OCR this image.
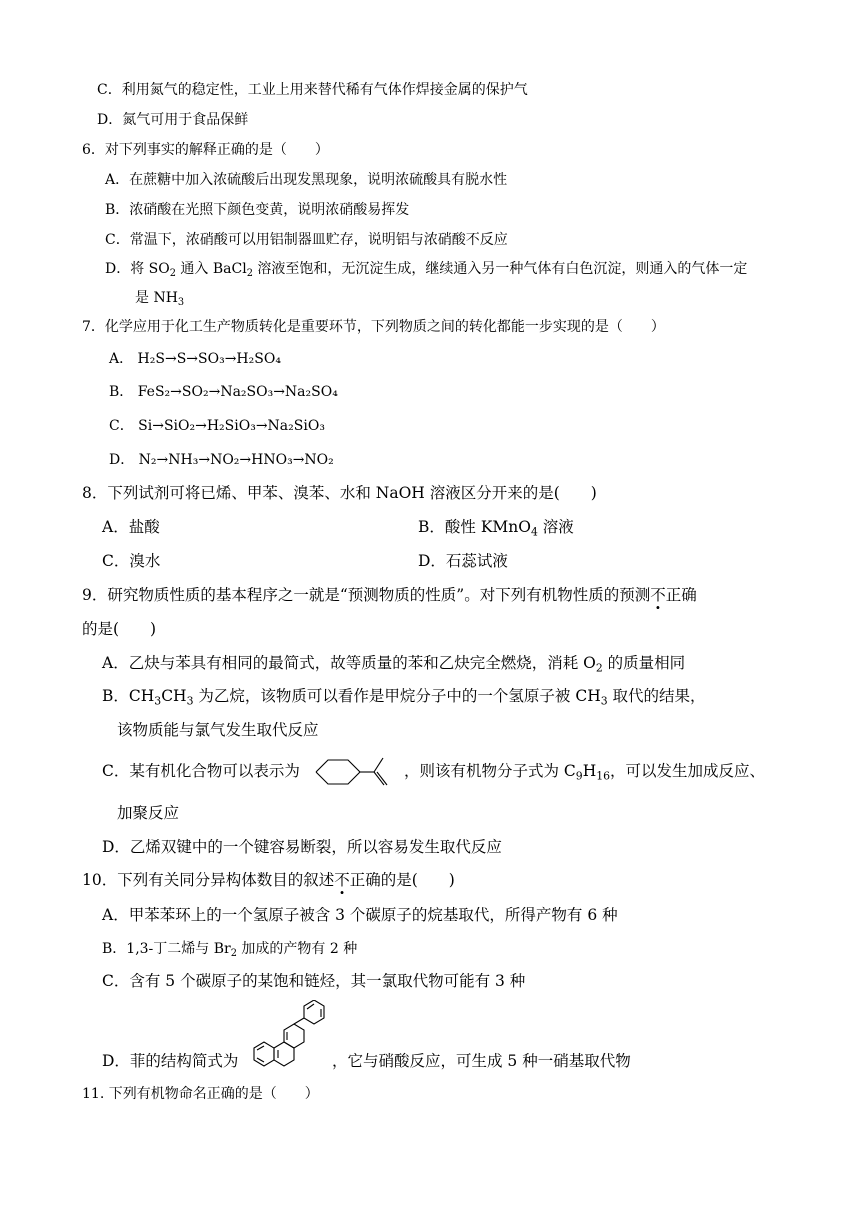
C．利用氮气的稳定性，工业上用来替代稀有气体作焊接金属的保护气
D．氮气可用于食品保鲜
6．对下列事实的解释正确的是（　　）
A．在蔗糖中加入浓硫酸后出现发黑现象，说明浓硫酸具有脱水性
B．浓硝酸在光照下颜色变黄，说明浓硝酸易挥发
C．常温下，浓硝酸可以用铝制器皿贮存，说明铝与浓硝酸不反应
D．将 $SO_2$ 通入 BaCl$_2$ 溶液至饱和，无沉淀生成，继续通入另一种气体有白色沉淀，则通入的气体一定
是 $NH_3$
7．化学应用于化工生产物质转化是重要环节，下列物质之间的转化都能一步实现的是（　　）
A． H₂S→S→SO₃→H₂SO₄
B． FeS₂→SO₂→Na₂SO₃→Na₂SO₄
C． Si→SiO₂→H₂SiO₃→Na₂SiO₃
D． N₂→NH₃→NO₂→HNO₃→NO₂
8．下列试剂可将已烯、甲苯、溴苯、水和 NaOH 溶液区分开来的是(　　)
A．盐酸	B．酸性 KMnO$_4$ 溶液
C．溴水	D．石蕊试液
9．研究物质性质的基本程序之一就是“预测物质的性质”。对下列有机物性质的预测不正确
的是(　　)
A．乙炔与苯具有相同的最简式，故等质量的苯和乙炔完全燃烧，消耗 $O_2$ 的质量相同
B．$CH_3CH_3$ 为乙烷，该物质可以看作是甲烷分子中的一个氢原子被 $CH_3$ 取代的结果，
该物质能与氯气发生取代反应
C．某有机化合物可以表示为	，则该有机物分子式为 $C_9H_{16}$，可以发生加成反应、
加聚反应
D．乙烯双键中的一个键容易断裂，所以容易发生取代反应
10．下列有关同分异构体数目的叙述不正确的是(　　)
A．甲苯苯环上的一个氢原子被含 3 个碳原子的烷基取代，所得产物有 6 种
B．1,3-丁二烯与 $Br_2$ 加成的产物有 2 种
C．含有 5 个碳原子的某饱和链烃，其一氯取代物可能有 3 种
D．菲的结构简式为	，它与硝酸反应，可生成 5 种一硝基取代物
11. 下列有机物命名正确的是（　　）
